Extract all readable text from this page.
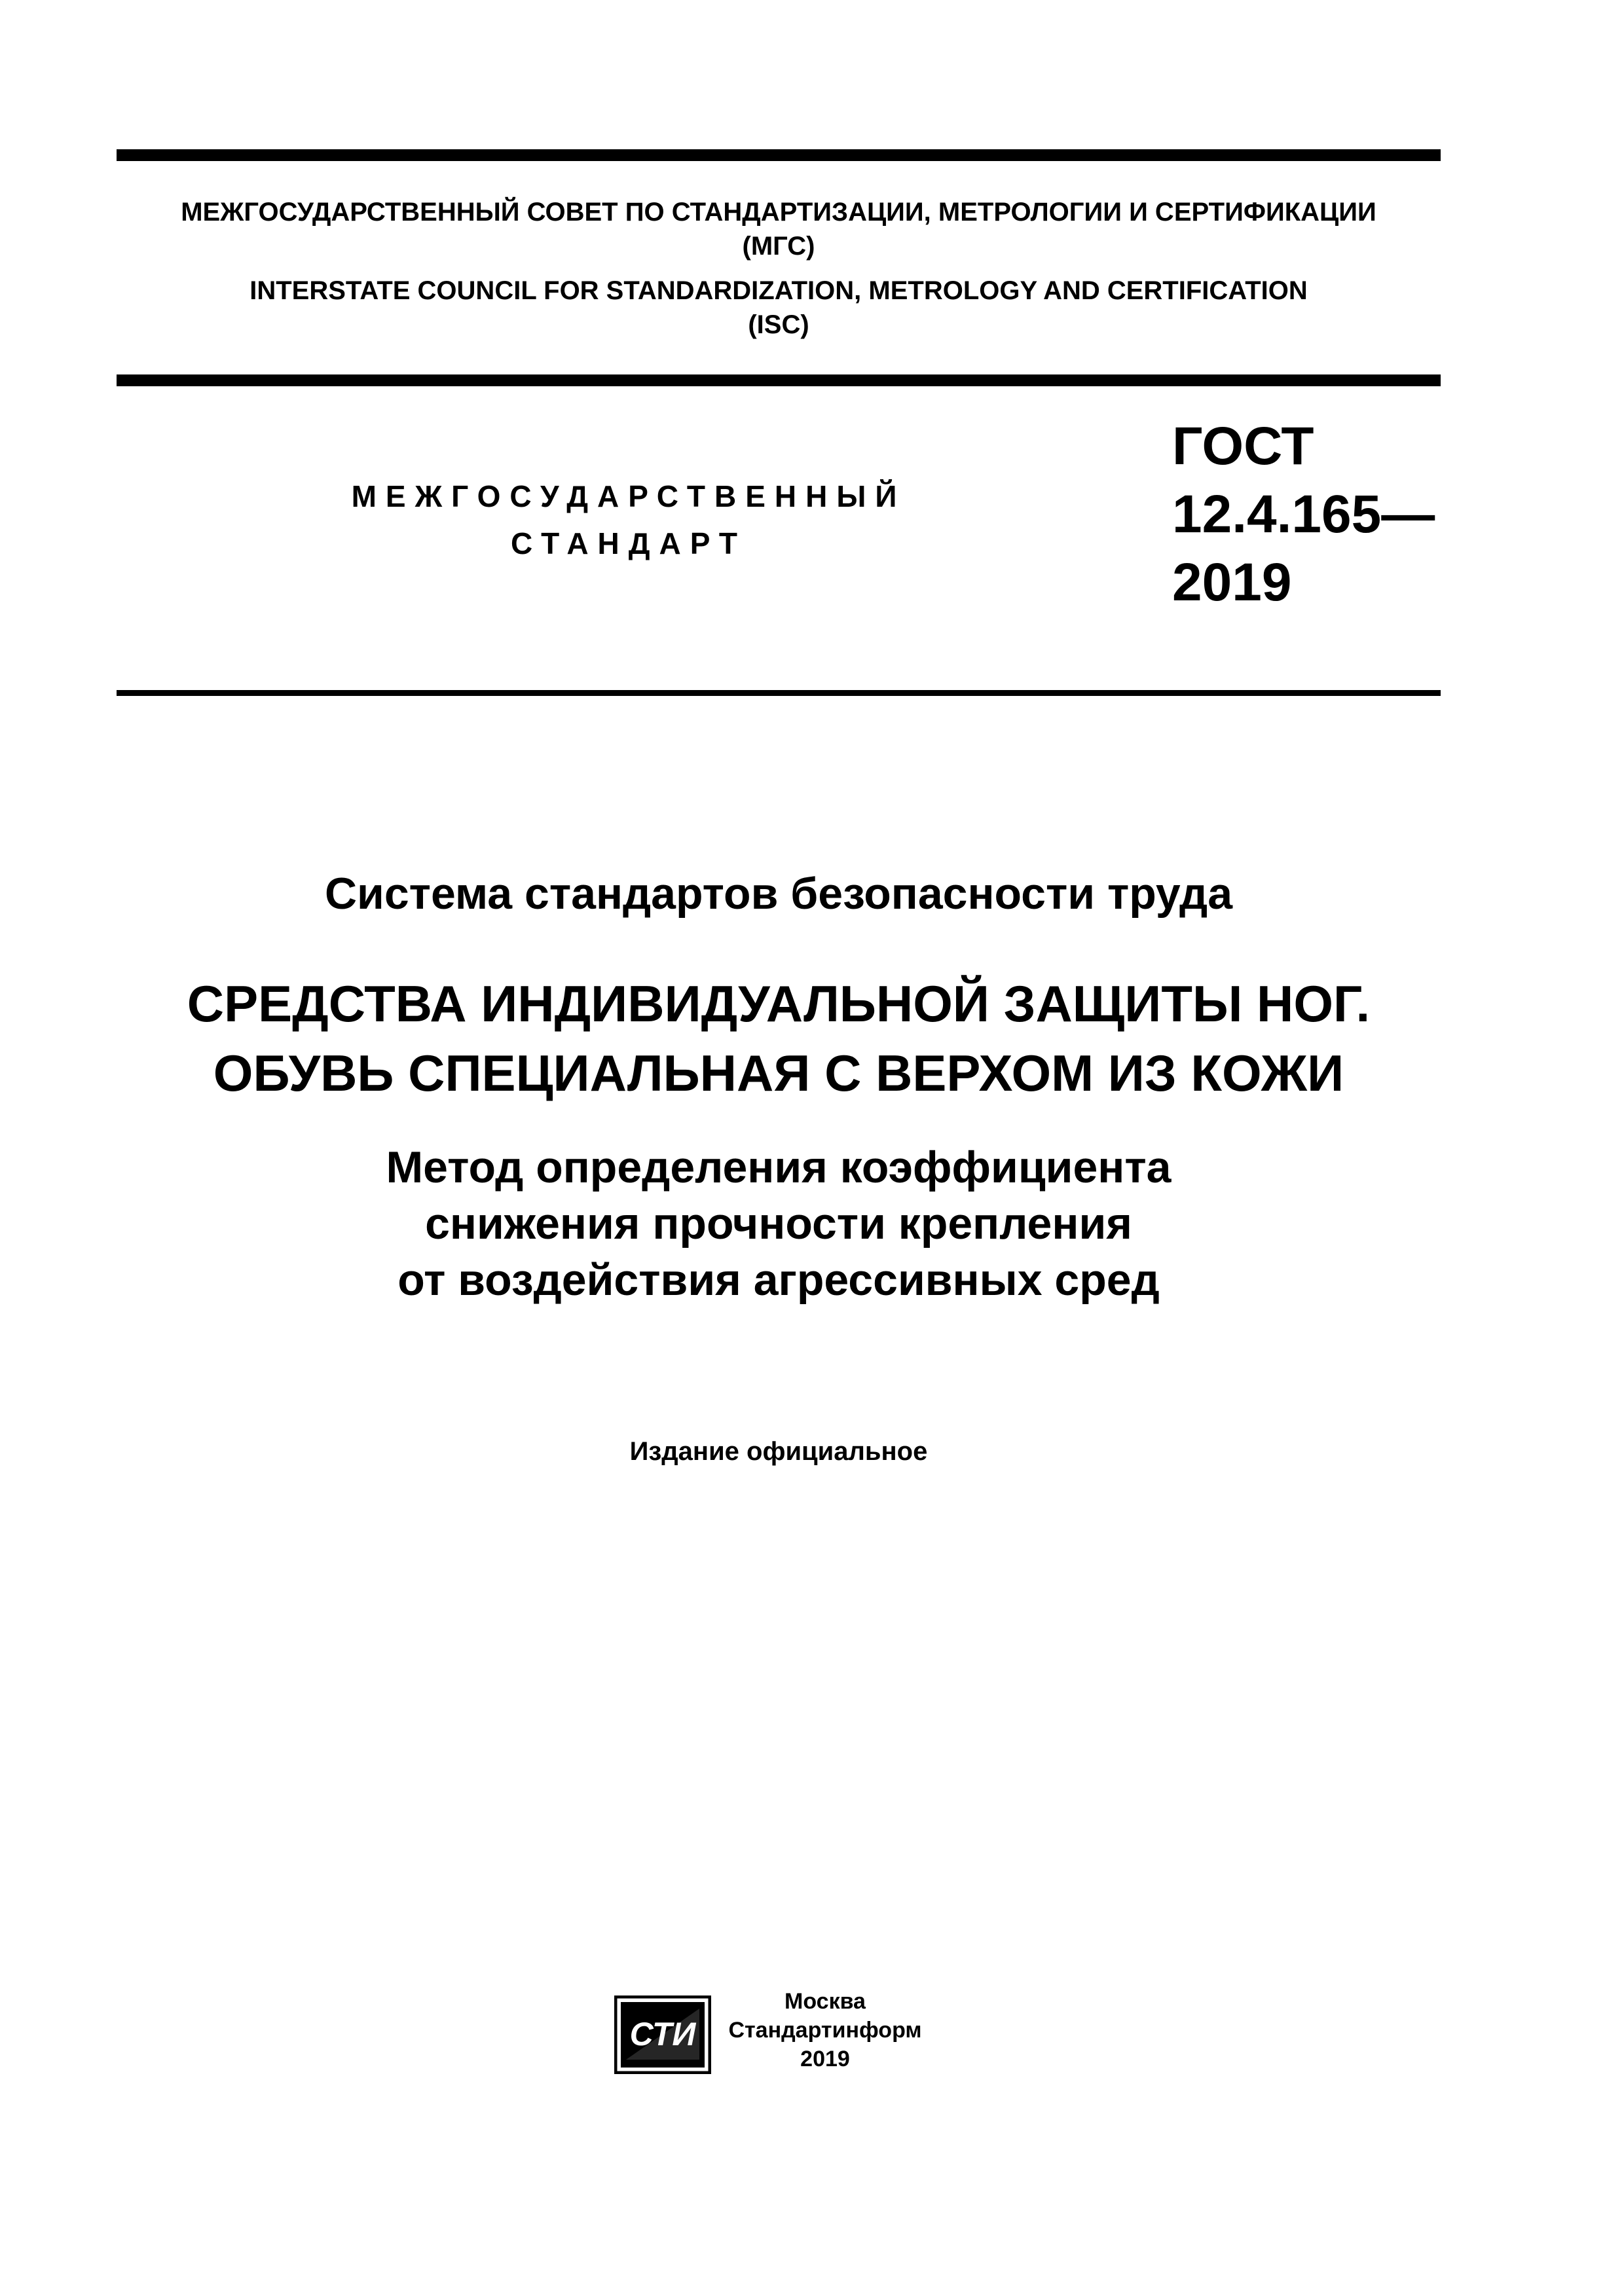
МЕЖГОСУДАРСТВЕННЫЙ СОВЕТ ПО СТАНДАРТИЗАЦИИ, МЕТРОЛОГИИ И СЕРТИФИКАЦИИ
(МГС)
INTERSTATE COUNCIL FOR STANDARDIZATION, METROLOGY AND CERTIFICATION
(ISC)
МЕЖГОСУДАРСТВЕННЫЙ
СТАНДАРТ
ГОСТ
12.4.165—
2019
Система стандартов безопасности труда
СРЕДСТВА ИНДИВИДУАЛЬНОЙ ЗАЩИТЫ НОГ.
ОБУВЬ СПЕЦИАЛЬНАЯ С ВЕРХОМ ИЗ КОЖИ
Метод определения коэффициента
снижения прочности крепления
от воздействия агрессивных сред
Издание официальное
СТИ
Москва
Стандартинформ
2019
